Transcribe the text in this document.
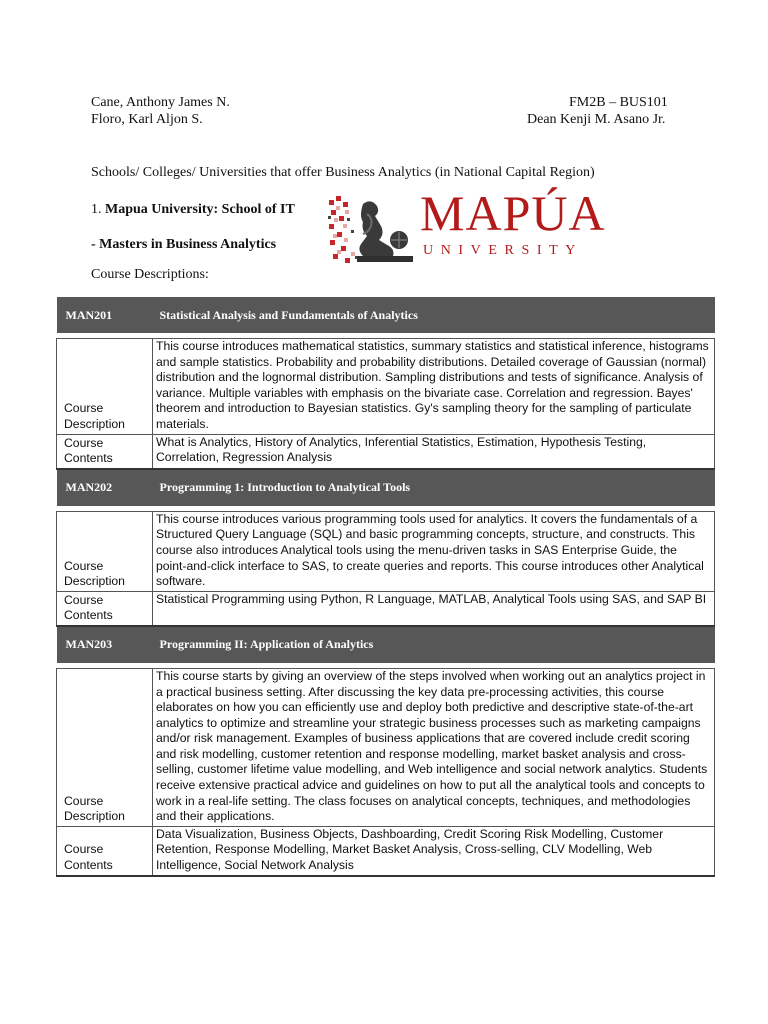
Cane, Anthony James N.
Floro, Karl Aljon S.
FM2B – BUS101
Dean Kenji M. Asano Jr.
Schools/ Colleges/ Universities that offer Business Analytics (in National Capital Region)
1. Mapua University: School of IT
- Masters in Business Analytics
Course Descriptions:
MAPÚA
UNIVERSITY
MAN201	Statistical Analysis and Fundamentals of Analytics

Course
Description	This course introduces mathematical statistics, summary statistics and statistical inference, histograms and sample statistics. Probability and probability distributions. Detailed coverage of Gaussian (normal) distribution and the lognormal distribution. Sampling distributions and tests of significance. Analysis of variance. Multiple variables with emphasis on the bivariate case. Correlation and regression. Bayes' theorem and introduction to Bayesian statistics. Gy's sampling theory for the sampling of particulate materials.

Course
Contents	What is Analytics, History of Analytics, Inferential Statistics, Estimation, Hypothesis Testing, Correlation, Regression Analysis
MAN202	Programming 1: Introduction to Analytical Tools

Course
Description	This course introduces various programming tools used for analytics. It covers the fundamentals of a Structured Query Language (SQL) and basic programming concepts, structure, and constructs. This course also introduces Analytical tools using the menu-driven tasks in SAS Enterprise Guide, the point-and-click interface to SAS, to create queries and reports. This course introduces other Analytical software.

Course
Contents	Statistical Programming using Python, R Language, MATLAB, Analytical Tools using SAS, and SAP BI
MAN203	Programming II: Application of Analytics

Course
Description	This course starts by giving an overview of the steps involved when working out an analytics project in a practical business setting. After discussing the key data pre-processing activities, this course elaborates on how you can efficiently use and deploy both predictive and descriptive state-of-the-art analytics to optimize and streamline your strategic business processes such as marketing campaigns and/or risk management. Examples of business applications that are covered include credit scoring and risk modelling, customer retention and response modelling, market basket analysis and cross-selling, customer lifetime value modelling, and Web intelligence and social network analytics. Students receive extensive practical advice and guidelines on how to put all the analytical tools and concepts to work in a real-life setting. The class focuses on analytical concepts, techniques, and methodologies and their applications.

Course
Contents	Data Visualization, Business Objects, Dashboarding, Credit Scoring Risk Modelling, Customer Retention, Response Modelling, Market Basket Analysis, Cross-selling, CLV Modelling, Web Intelligence, Social Network Analysis
